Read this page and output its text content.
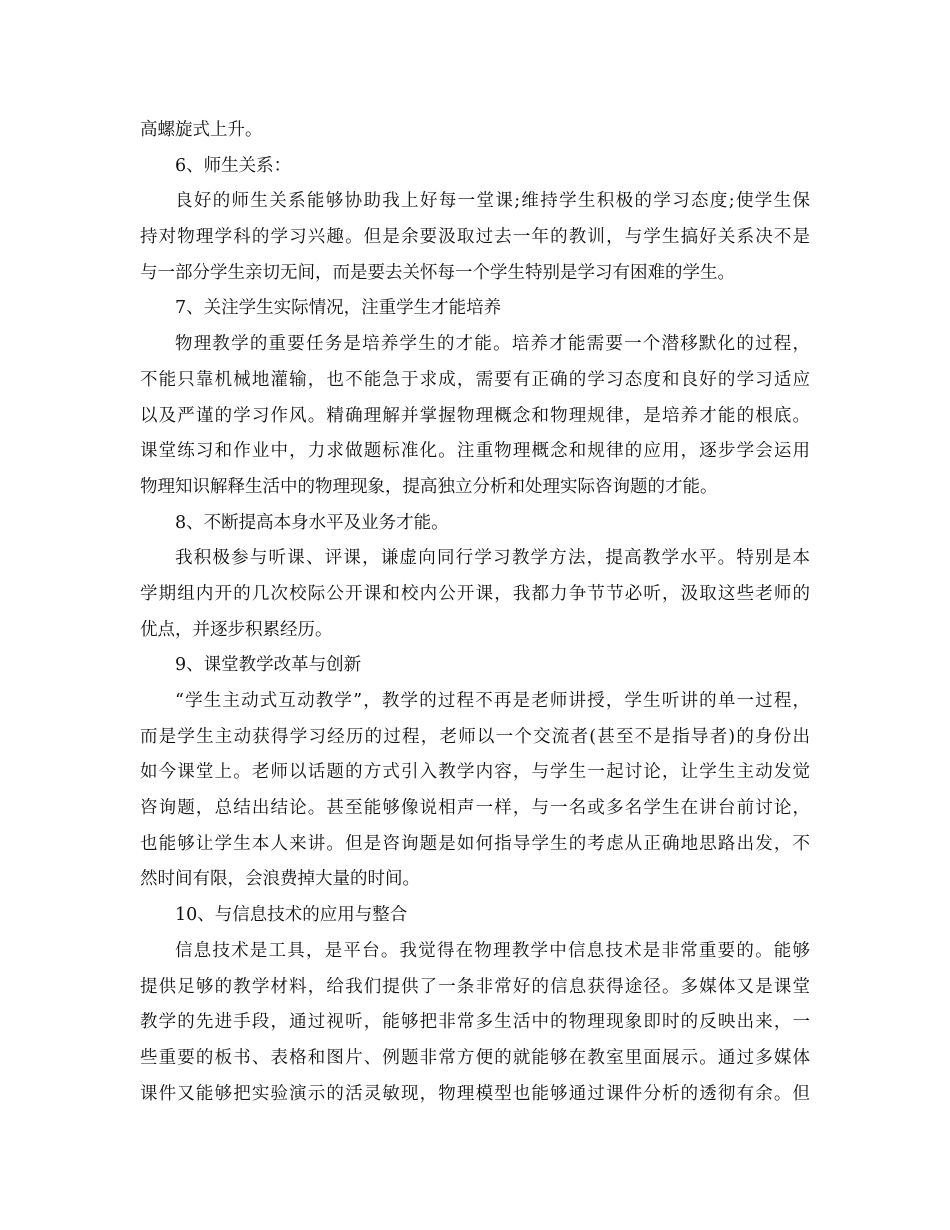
高螺旋式上升。
6、师生关系：
良好的师生关系能够协助我上好每一堂课;维持学生积极的学习态度;使学生保
持对物理学科的学习兴趣。但是余要汲取过去一年的教训，与学生搞好关系决不是
与一部分学生亲切无间，而是要去关怀每一个学生特别是学习有困难的学生。
7、关注学生实际情况，注重学生才能培养
物理教学的重要任务是培养学生的才能。培养才能需要一个潜移默化的过程，
不能只靠机械地灌输，也不能急于求成，需要有正确的学习态度和良好的学习适应
以及严谨的学习作风。精确理解并掌握物理概念和物理规律，是培养才能的根底。
课堂练习和作业中，力求做题标准化。注重物理概念和规律的应用，逐步学会运用
物理知识解释生活中的物理现象，提高独立分析和处理实际咨询题的才能。
8、不断提高本身水平及业务才能。
我积极参与听课、评课，谦虚向同行学习教学方法，提高教学水平。特别是本
学期组内开的几次校际公开课和校内公开课，我都力争节节必听，汲取这些老师的
优点，并逐步积累经历。
9、课堂教学改革与创新
“学生主动式互动教学”，教学的过程不再是老师讲授，学生听讲的单一过程，
而是学生主动获得学习经历的过程，老师以一个交流者(甚至不是指导者)的身份出
如今课堂上。老师以话题的方式引入教学内容，与学生一起讨论，让学生主动发觉
咨询题，总结出结论。甚至能够像说相声一样，与一名或多名学生在讲台前讨论，
也能够让学生本人来讲。但是咨询题是如何指导学生的考虑从正确地思路出发，不
然时间有限，会浪费掉大量的时间。
10、与信息技术的应用与整合
信息技术是工具，是平台。我觉得在物理教学中信息技术是非常重要的。能够
提供足够的教学材料，给我们提供了一条非常好的信息获得途径。多媒体又是课堂
教学的先进手段，通过视听，能够把非常多生活中的物理现象即时的反映出来，一
些重要的板书、表格和图片、例题非常方便的就能够在教室里面展示。通过多媒体
课件又能够把实验演示的活灵敏现，物理模型也能够通过课件分析的透彻有余。但
